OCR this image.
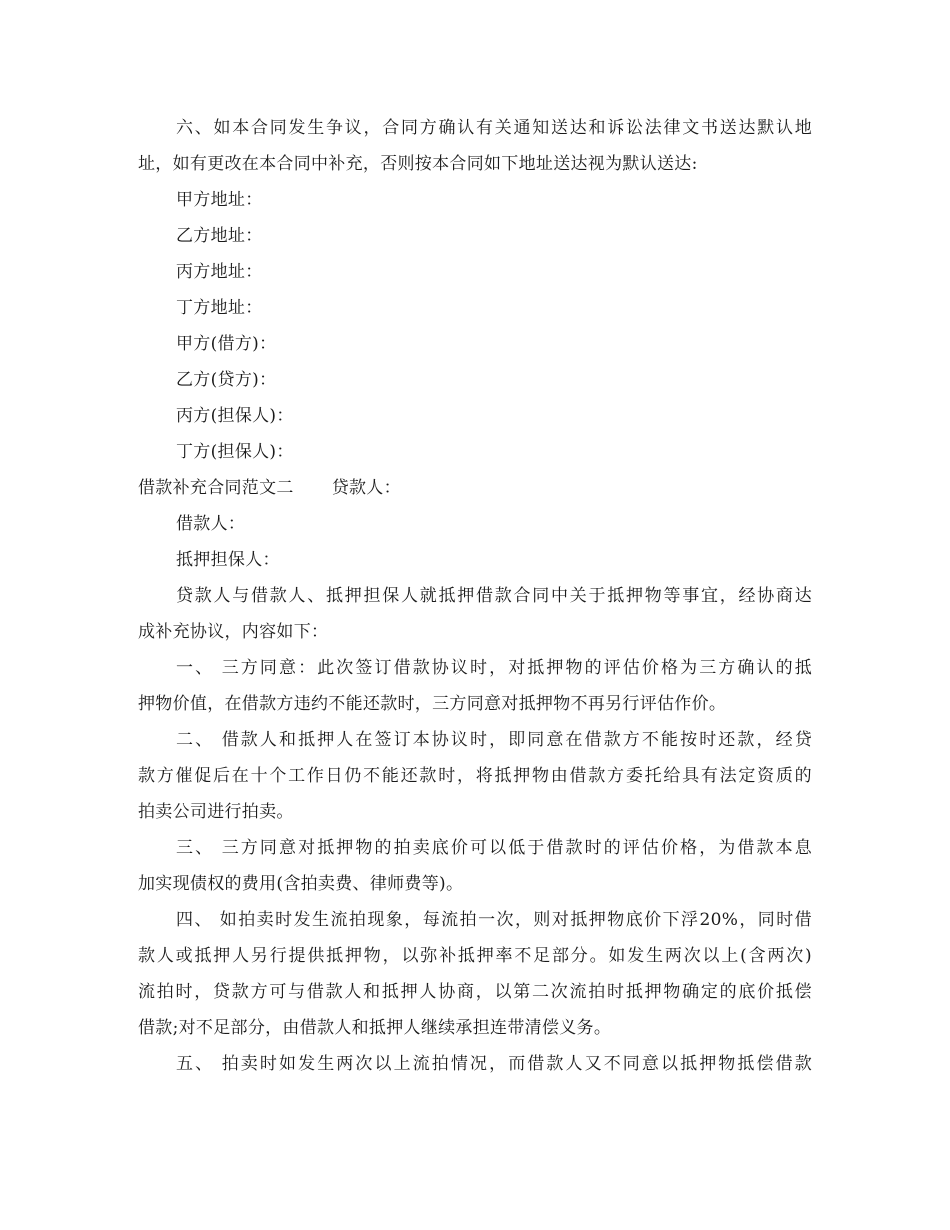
六、如本合同发生争议，合同方确认有关通知送达和诉讼法律文书送达默认地
址，如有更改在本合同中补充，否则按本合同如下地址送达视为默认送达:
甲方地址：
乙方地址：
丙方地址：
丁方地址：
甲方(借方)：
乙方(贷方)：
丙方(担保人)：
丁方(担保人)：
借款补充合同范文二 贷款人：
借款人：
抵押担保人：
贷款人与借款人、抵押担保人就抵押借款合同中关于抵押物等事宜，经协商达
成补充协议，内容如下：
一、 三方同意：此次签订借款协议时，对抵押物的评估价格为三方确认的抵
押物价值，在借款方违约不能还款时，三方同意对抵押物不再另行评估作价。
二、 借款人和抵押人在签订本协议时，即同意在借款方不能按时还款，经贷
款方催促后在十个工作日仍不能还款时，将抵押物由借款方委托给具有法定资质的
拍卖公司进行拍卖。
三、 三方同意对抵押物的拍卖底价可以低于借款时的评估价格，为借款本息
加实现债权的费用(含拍卖费、律师费等)。
四、 如拍卖时发生流拍现象，每流拍一次，则对抵押物底价下浮20%，同时借
款人或抵押人另行提供抵押物，以弥补抵押率不足部分。如发生两次以上(含两次)
流拍时，贷款方可与借款人和抵押人协商，以第二次流拍时抵押物确定的底价抵偿
借款;对不足部分，由借款人和抵押人继续承担连带清偿义务。
五、 拍卖时如发生两次以上流拍情况，而借款人又不同意以抵押物抵偿借款
